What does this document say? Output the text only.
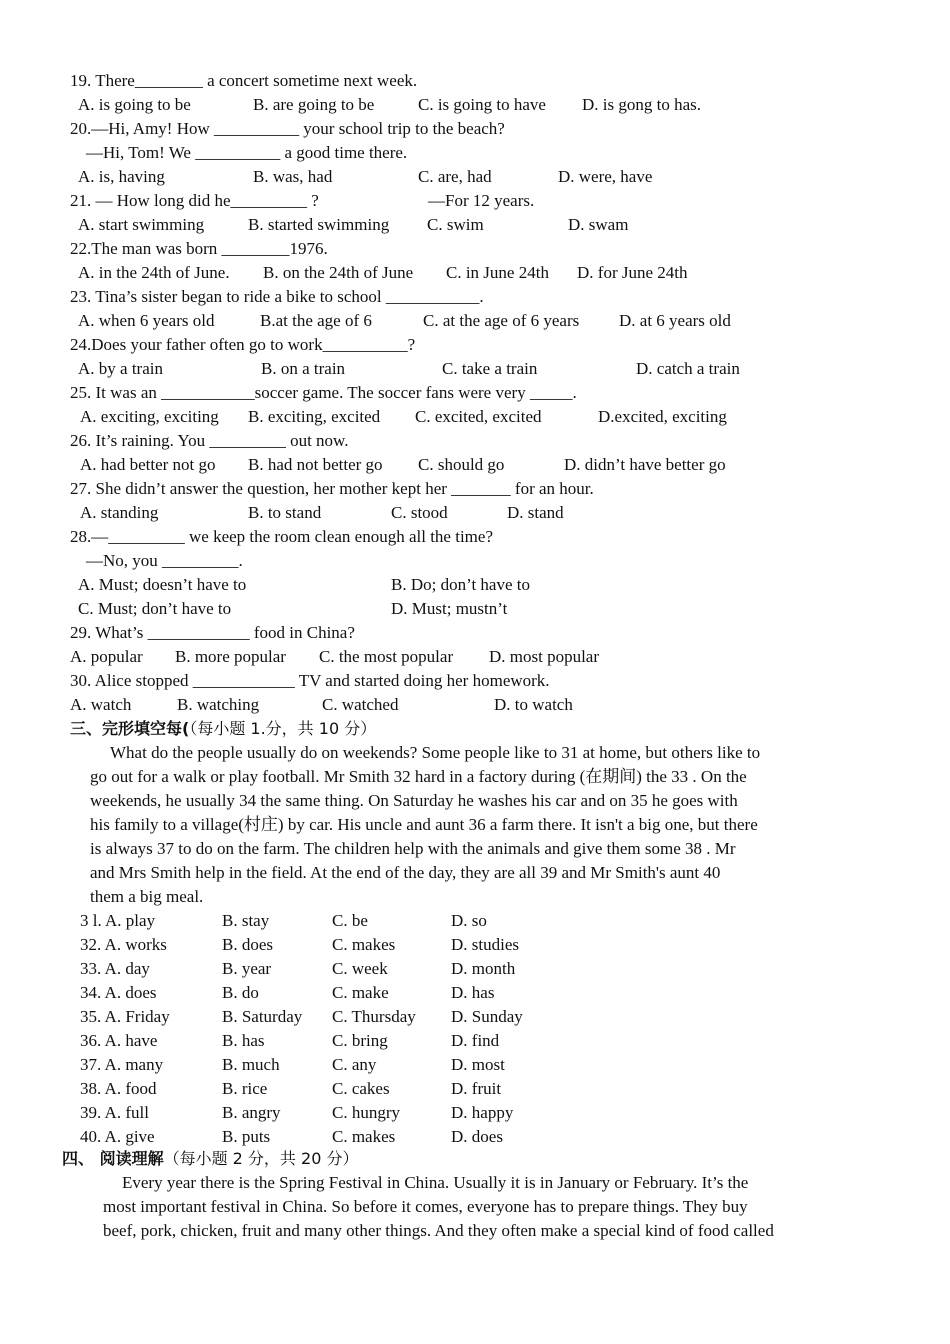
19. There________ a concert sometime next week.
A. is going to be	B. are going to be	C. is going to have D. is gong to has.
20.—Hi, Amy! How __________ your school trip to the beach?
—Hi, Tom! We __________ a good time there.
A. is, having	B. was, had	C. are, had	D. were, have
21. — How long did he_________ ?	—For 12 years.
A. start swimming	B. started swimming C. swim	D. swam
22.The man was born ________1976.
A. in the 24th of June. B. on the 24th of June C. in June 24th D. for June 24th
23. Tina’s sister began to ride a bike to school ___________.
A. when 6 years old	B.at the age of 6	C. at the age of 6 years D. at 6 years old
24.Does your father often go to work__________?
A. by a train	B. on a train	C. take a train	D. catch a train
25. It was an ___________soccer game. The soccer fans were very _____.
A. exciting, exciting B. exciting, excited C. excited, excited	D.excited, exciting
26. It’s raining. You _________ out now.
A. had better not go B. had not better go C. should go	D. didn’t have better go
27. She didn’t answer the question, her mother kept her _______ for an hour.
A. standing	B. to stand	C. stood	D. stand
28.—_________ we keep the room clean enough all the time?
—No, you _________.
A. Must; doesn’t have to	B. Do; don’t have to
C. Must; don’t have to	D. Must; mustn’t
29. What’s ____________ food in China?
A. popular B. more popular C. the most popular D. most popular
30. Alice stopped ____________ TV and started doing her homework.
A. watch	B. watching	C. watched	D. to watch
三、完形填空每(（每小题 1.分，共 10 分）
What do the people usually do on weekends? Some people like to 31 at home, but others like to
go out for a walk or play football. Mr Smith 32 hard in a factory during (在期间) the 33 . On the
weekends, he usually 34 the same thing. On Saturday he washes his car and on 35 he goes with
his family to a village(村庄) by car. His uncle and aunt 36 a farm there. It isn't a big one, but there
is always 37 to do on the farm. The children help with the animals and give them some 38 . Mr
and Mrs Smith help in the field. At the end of the day, they are all 39 and Mr Smith's aunt 40
them a big meal.
3 l. A. play	B. stay	C. be	D. so
32. A. works	B. does	C. makes	D. studies
33. A. day	B. year	C. week	D. month
34. A. does	B. do	C. make	D. has
35. A. Friday	B. Saturday C. Thursday D. Sunday
36. A. have	B. has	C. bring	D. find
37. A. many	B. much	C. any	D. most
38. A. food	B. rice	C. cakes	D. fruit
39. A. full	B. angry	C. hungry	D. happy
40. A. give	B. puts	C. makes	D. does
四、 阅读理解（每小题 2 分，共 20 分）
Every year there is the Spring Festival in China. Usually it is in January or February. It’s the
most important festival in China. So before it comes, everyone has to prepare things. They buy
beef, pork, chicken, fruit and many other things. And they often make a special kind of food called
